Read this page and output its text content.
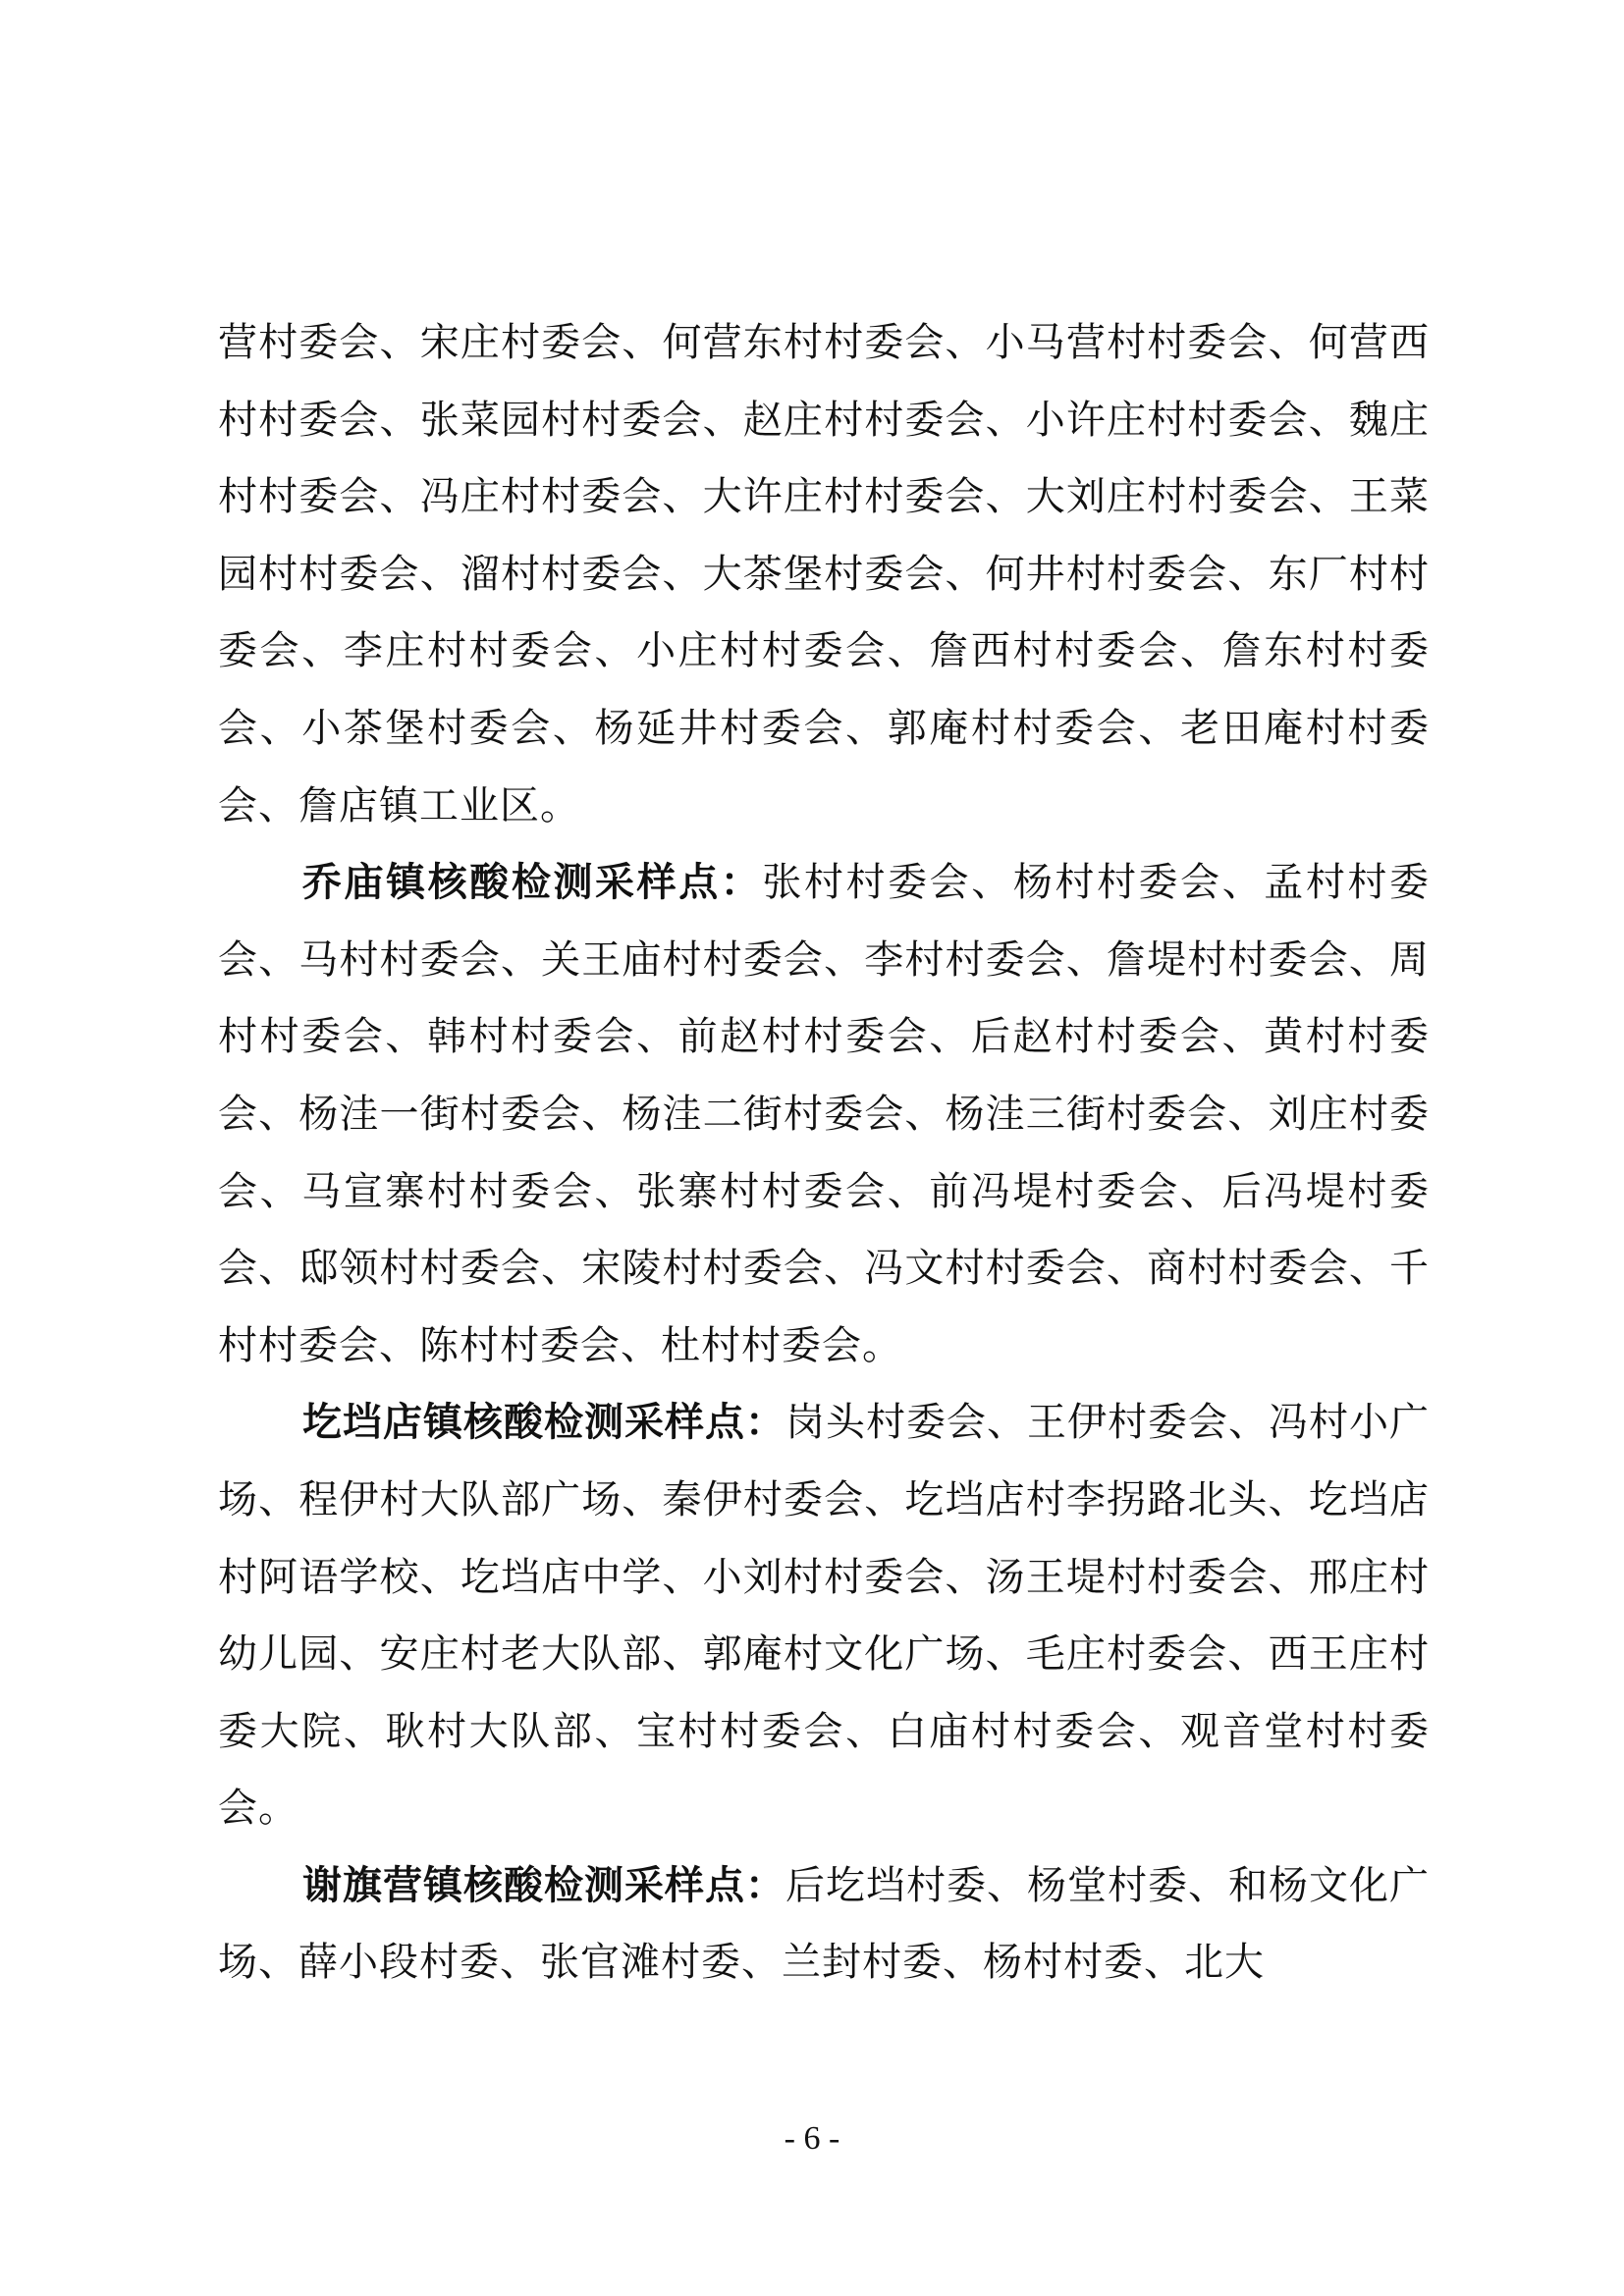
营村委会、宋庄村委会、何营东村村委会、小马营村村委会、何营西村村委会、张菜园村村委会、赵庄村村委会、小许庄村村委会、魏庄村村委会、冯庄村村委会、大许庄村村委会、大刘庄村村委会、王菜园村村委会、溜村村委会、大茶堡村委会、何井村村委会、东厂村村委会、李庄村村委会、小庄村村委会、詹西村村委会、詹东村村委会、小茶堡村委会、杨延井村委会、郭庵村村委会、老田庵村村委会、詹店镇工业区。

乔庙镇核酸检测采样点：张村村委会、杨村村委会、孟村村委会、马村村委会、关王庙村村委会、李村村委会、詹堤村村委会、周村村委会、韩村村委会、前赵村村委会、后赵村村委会、黄村村委会、杨洼一街村委会、杨洼二街村委会、杨洼三街村委会、刘庄村委会、马宣寨村村委会、张寨村村委会、前冯堤村委会、后冯堤村委会、邸领村村委会、宋陵村村委会、冯文村村委会、商村村委会、千村村委会、陈村村委会、杜村村委会。

圪垱店镇核酸检测采样点：岗头村委会、王伊村委会、冯村小广场、程伊村大队部广场、秦伊村委会、圪垱店村李拐路北头、圪垱店村阿语学校、圪垱店中学、小刘村村委会、汤王堤村村委会、邢庄村幼儿园、安庄村老大队部、郭庵村文化广场、毛庄村委会、西王庄村委大院、耿村大队部、宝村村委会、白庙村村委会、观音堂村村委会。

谢旗营镇核酸检测采样点：后圪垱村委、杨堂村委、和杨文化广场、薛小段村委、张官滩村委、兰封村委、杨村村委、北大

- 6 -
